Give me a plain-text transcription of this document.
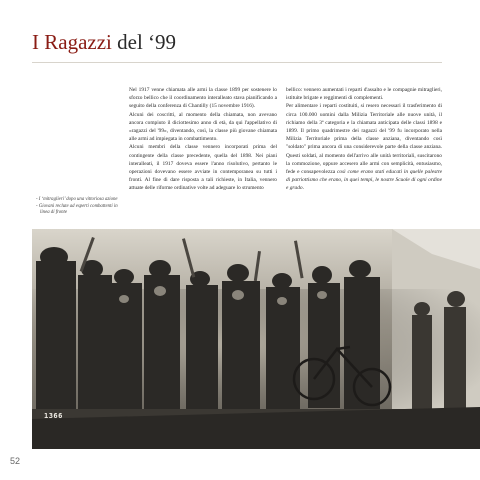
I Ragazzi del ‘99

- I ‘mitraglieri’ dopo una vittoriosa azione

- Giovani reclute ad esperti combattenti in linea di fronte

Nel 1917 venne chiamata alle armi la classe 1899 per sostenere lo sforzo bellico che il coordinamento interalleato stava pianificando a seguito della conferenza di Chantilly (15 novembre 1916).

Alcuni dei coscritti, al momento della chiamata, non avevano ancora compiuto il diciottesimo anno di età, da qui l'appellativo di «ragazzi del '99», diventando, così, la classe più giovane chiamata alle armi ad impiegata in combattimento.

Alcuni membri della classe vennero incorporati prima del contingente della classe precedente, quella del 1898. Nei piani interalleati, il 1917 doveva essere l'anno risolutivo, pertanto le operazioni dovevano essere avviate in contemporanea su tutti i fronti. Al fine di dare risposta a tali richieste, in Italia, vennero attuate delle riforme ordinative volte ad adeguare lo strumento

bellico: vennero aumentati i reparti d'assalto e le compagnie mitraglieri, istituite brigate e reggimenti di complementi.

Per alimentare i reparti costituiti, si resero necessari il trasferimento di circa 100.000 uomini dalla Milizia Territoriale alle nuove unità, il richiamo della 3ª categoria e la chiamata anticipata delle classi 1898 e 1899. Il primo quadrimestre dei ragazzi del '99 fu incorporato nella Milizia Territoriale prima della classe anziana, diventando così "soldato" prima ancora di una considerevole parte della classe anziana. Questi soldati, al momento dell'arrivo alle unità territoriali, suscitarono la commozione, oppure accesero alle armi con semplicità, entusiasmo, fede e consapevolezza così come erano stati educati in quelle palestre di patriottismo che erano, in quei tempi, le nostre Scuole di ogni ordine e grado.

1366
52
